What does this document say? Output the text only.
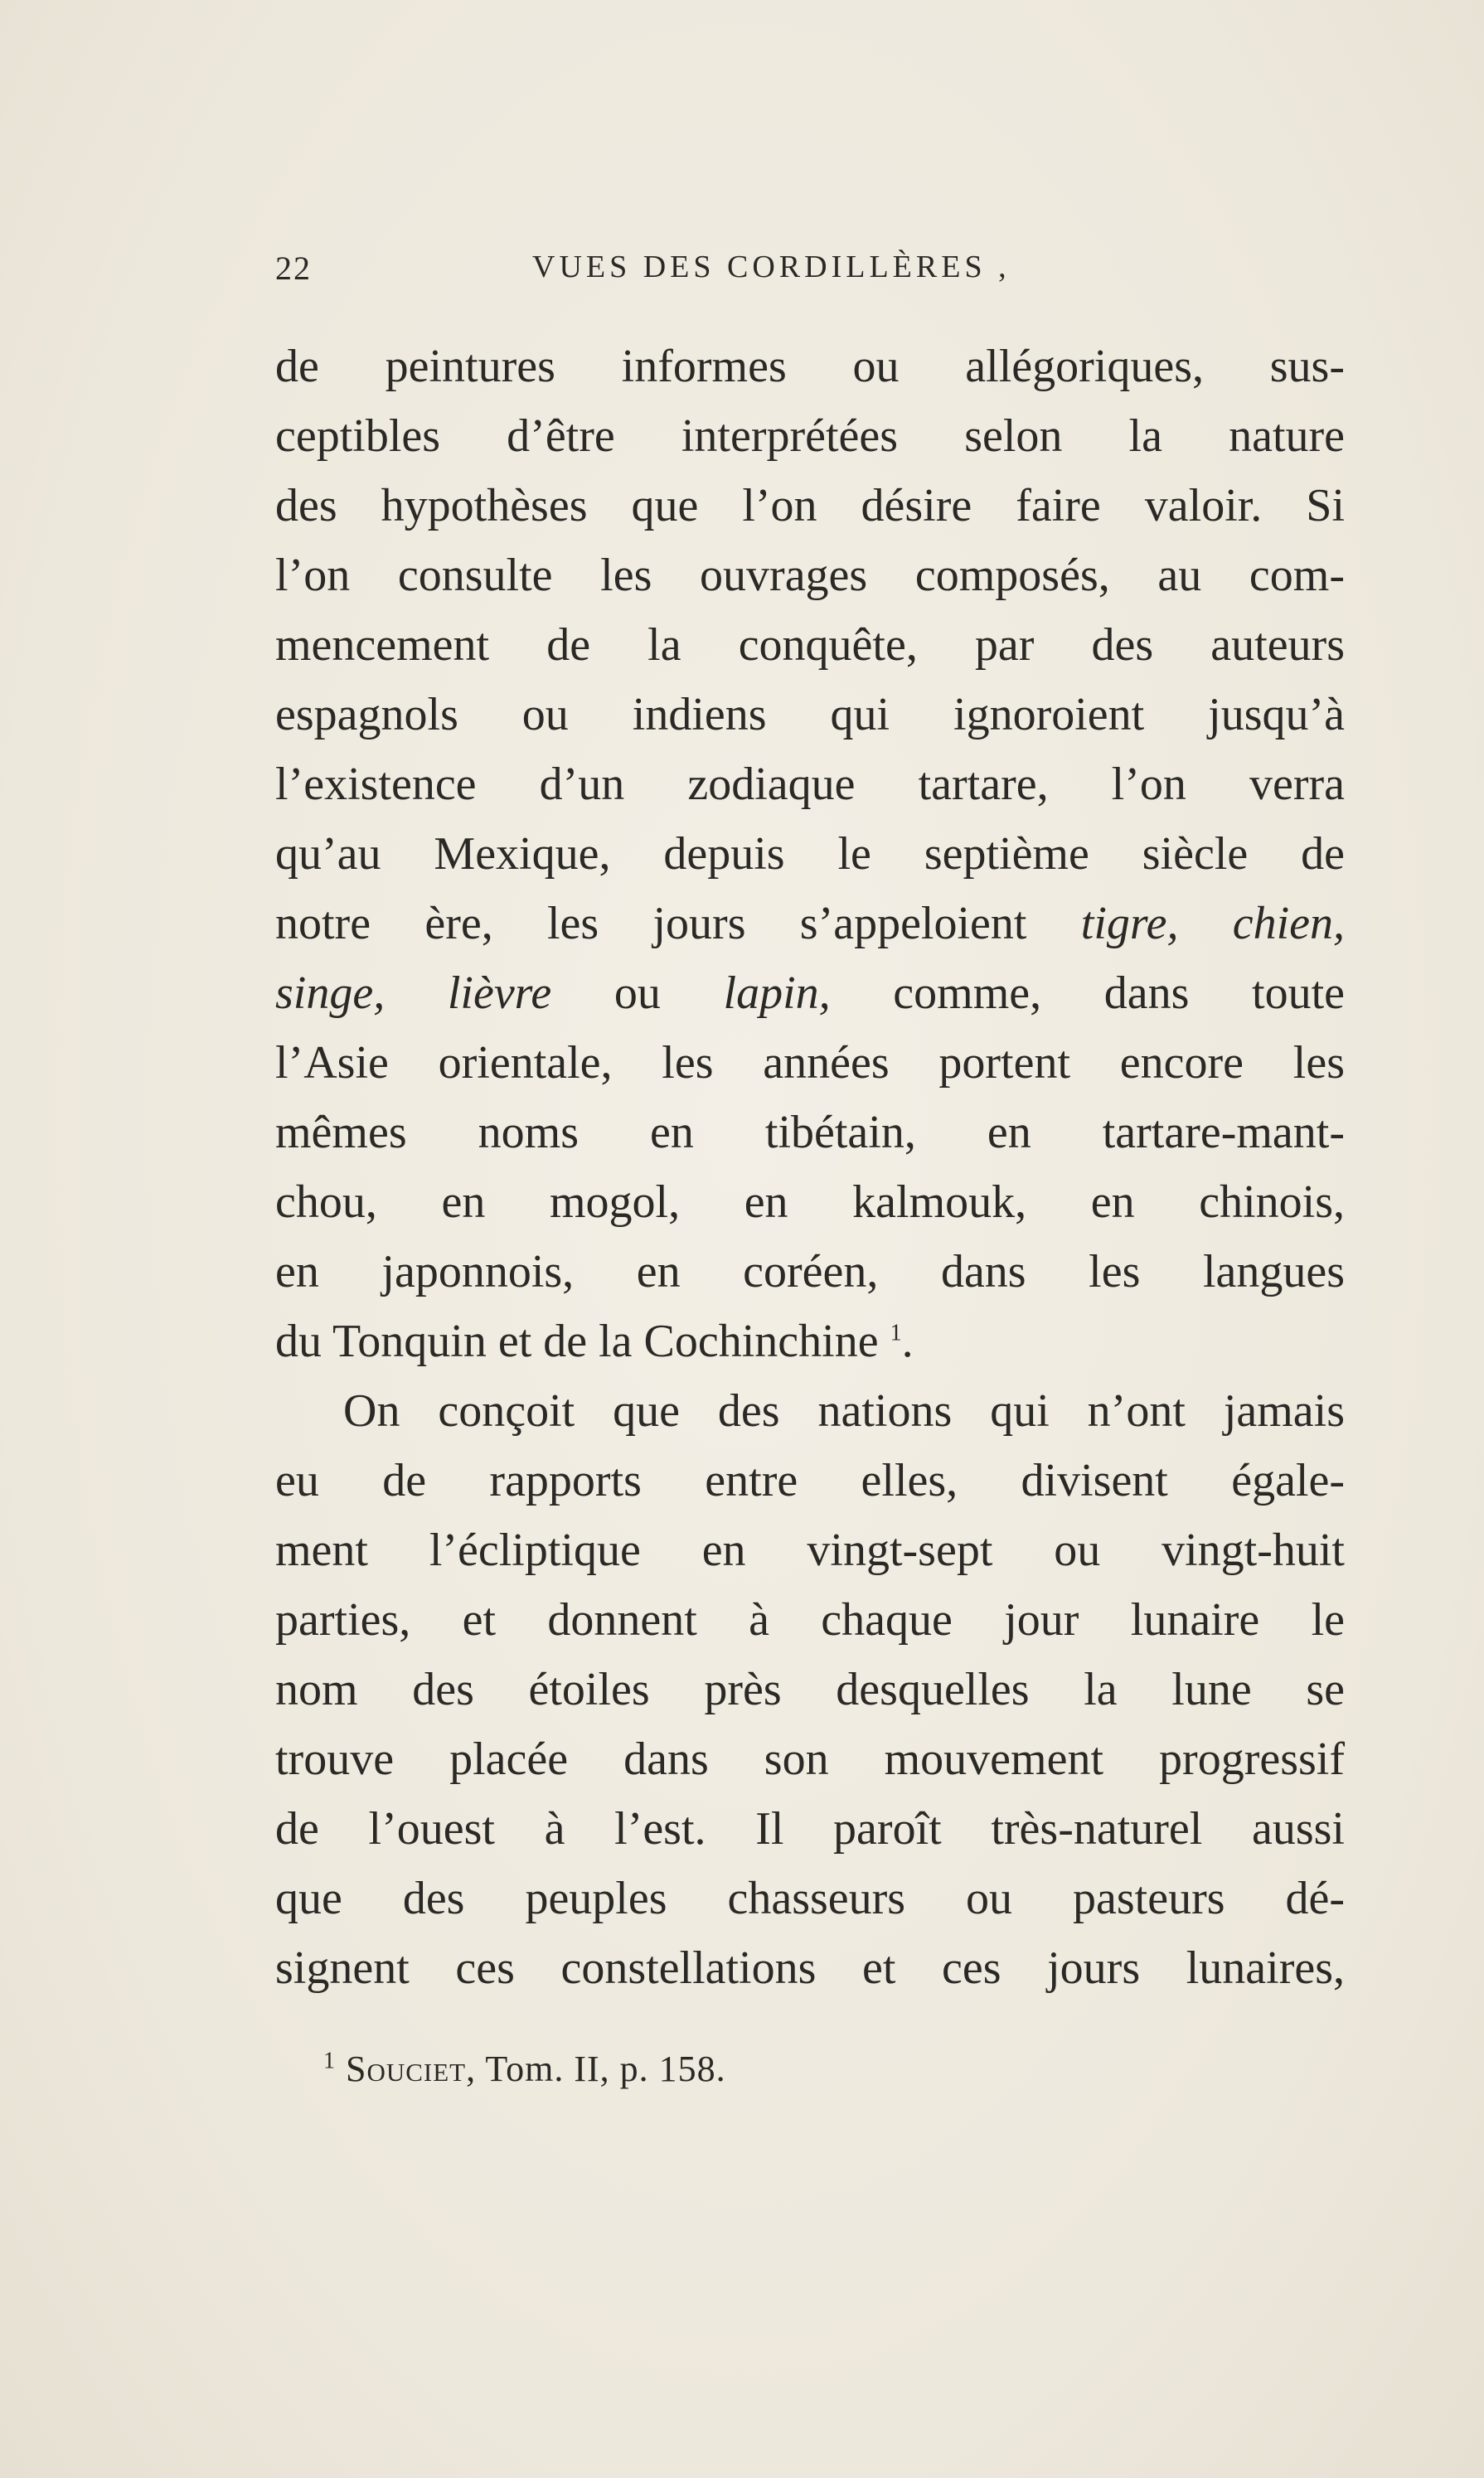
22	VUES DES CORDILLÈRES ,
de peintures informes ou allégoriques, sus-
ceptibles d’être interprétées selon la nature
des hypothèses que l’on désire faire valoir. Si
l’on consulte les ouvrages composés, au com-
mencement de la conquête, par des auteurs
espagnols ou indiens qui ignoroient jusqu’à
l’existence d’un zodiaque tartare, l’on verra
qu’au Mexique, depuis le septième siècle de
notre ère, les jours s’appeloient tigre, chien,
singe, lièvre ou lapin, comme, dans toute
l’Asie orientale, les années portent encore les
mêmes noms en tibétain, en tartare-mant-
chou, en mogol, en kalmouk, en chinois,
en japonnois, en coréen, dans les langues
du Tonquin et de la Cochinchine $^1$.
On conçoit que des nations qui n’ont jamais
eu de rapports entre elles, divisent égale-
ment l’écliptique en vingt-sept ou vingt-huit
parties, et donnent à chaque jour lunaire le
nom des étoiles près desquelles la lune se
trouve placée dans son mouvement progressif
de l’ouest à l’est. Il paroît très-naturel aussi
que des peuples chasseurs ou pasteurs dé-
signent ces constellations et ces jours lunaires,
$^1$ Souciet, Tom. II, p. 158.
